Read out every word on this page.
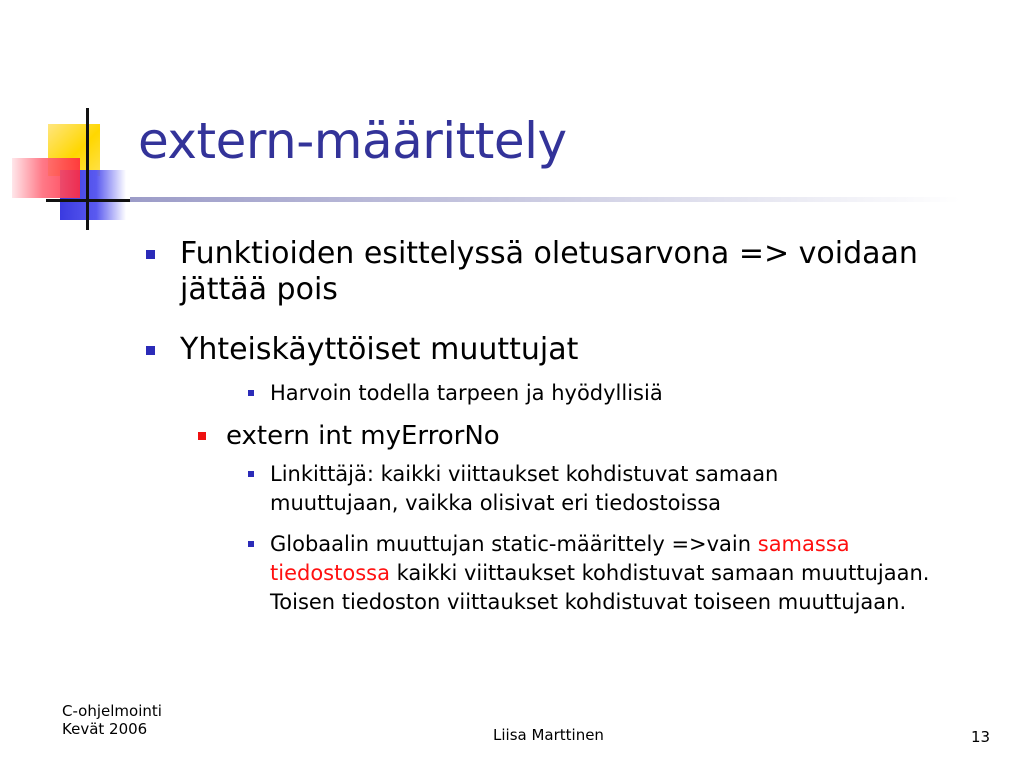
extern-määrittely
Funktioiden esittelyssä oletusarvona => voidaan jättää pois
Yhteiskäyttöiset muuttujat
Harvoin todella tarpeen ja hyödyllisiä
extern int myErrorNo
Linkittäjä: kaikki viittaukset kohdistuvat samaan muuttujaan, vaikka olisivat eri tiedostoissa
Globaalin muuttujan static-määrittely =>vain samassa tiedostossa kaikki viittaukset kohdistuvat samaan muuttujaan. Toisen tiedoston viittaukset kohdistuvat toiseen muuttujaan.
C-ohjelmointi
Kevät 2006	Liisa Marttinen	13
